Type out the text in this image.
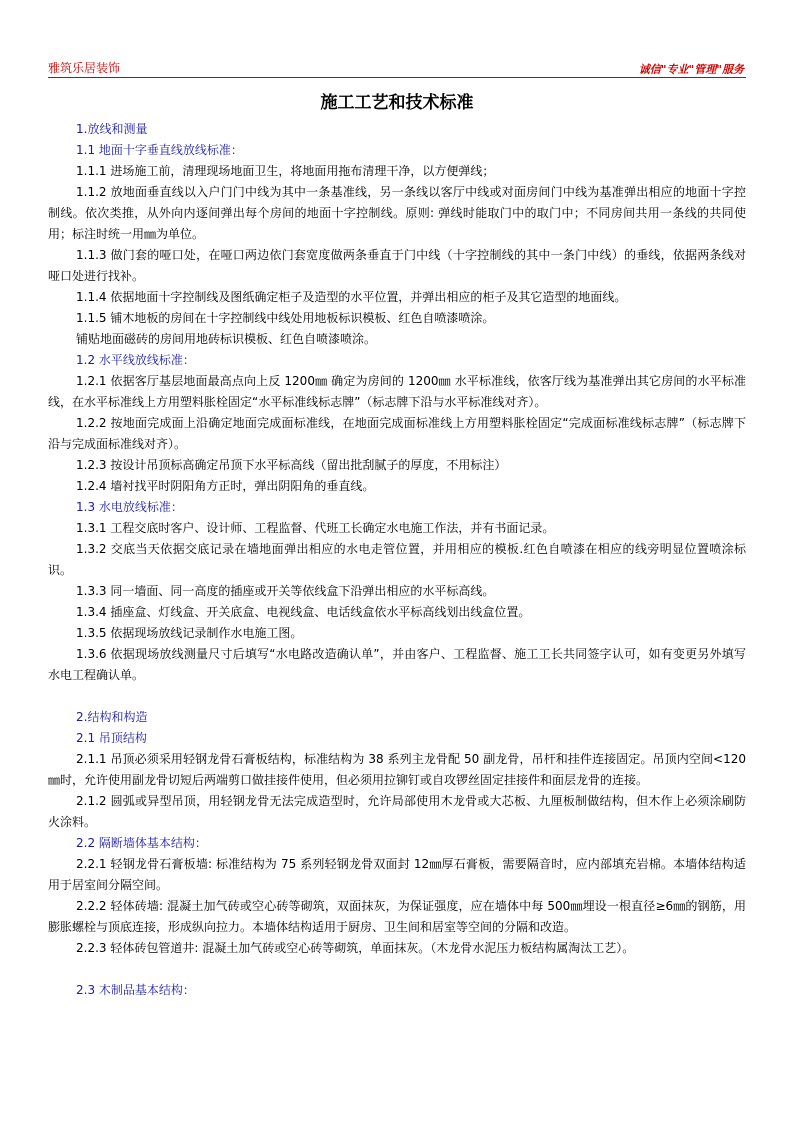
雅筑乐居装饰	诚信"专业"管理"服务
施工工艺和技术标准

1.放线和测量

1.1 地面十字垂直线放线标准：

1.1.1 进场施工前，清理现场地面卫生，将地面用拖布清理干净，以方便弹线；

1.1.2 放地面垂直线以入户门门中线为其中一条基准线，另一条线以客厅中线或对面房间门中线为基准弹出相应的地面十字控制线。依次类推，从外向内逐间弹出每个房间的地面十字控制线。原则: 弹线时能取门中的取门中；不同房间共用一条线的共同使用；标注时统一用㎜为单位。

1.1.3 做门套的哑口处，在哑口两边依门套宽度做两条垂直于门中线（十字控制线的其中一条门中线）的垂线，依据两条线对哑口处进行找补。

1.1.4 依据地面十字控制线及图纸确定柜子及造型的水平位置，并弹出相应的柜子及其它造型的地面线。

1.1.5 铺木地板的房间在十字控制线中线处用地板标识模板、红色自喷漆喷涂。

铺贴地面磁砖的房间用地砖标识模板、红色自喷漆喷涂。

1.2 水平线放线标准：

1.2.1 依据客厅基层地面最高点向上反 1200㎜ 确定为房间的 1200㎜ 水平标准线，依客厅线为基准弹出其它房间的水平标准线，在水平标准线上方用塑料胀栓固定“水平标准线标志牌”（标志牌下沿与水平标准线对齐）。

1.2.2 按地面完成面上沿确定地面完成面标准线，在地面完成面标准线上方用塑料胀栓固定“完成面标准线标志牌”（标志牌下沿与完成面标准线对齐）。

1.2.3 按设计吊顶标高确定吊顶下水平标高线（留出批刮腻子的厚度，不用标注）

1.2.4 墙衬找平时阴阳角方正时，弹出阴阳角的垂直线。

1.3 水电放线标准：

1.3.1 工程交底时客户、设计师、工程监督、代班工长确定水电施工作法，并有书面记录。

1.3.2 交底当天依据交底记录在墙地面弹出相应的水电走管位置，并用相应的模板.红色自喷漆在相应的线旁明显位置喷涂标识。

1.3.3 同一墙面、同一高度的插座或开关等依线盒下沿弹出相应的水平标高线。

1.3.4 插座盒、灯线盒、开关底盒、电视线盒、电话线盒依水平标高线划出线盒位置。

1.3.5 依据现场放线记录制作水电施工图。

1.3.6 依据现场放线测量尺寸后填写“水电路改造确认单”，并由客户、工程监督、施工工长共同签字认可，如有变更另外填写水电工程确认单。

2.结构和构造

2.1 吊顶结构

2.1.1 吊顶必须采用轻钢龙骨石膏板结构，标准结构为 38 系列主龙骨配 50 副龙骨，吊杆和挂件连接固定。吊顶内空间<120㎜时，允许使用副龙骨切短后两端剪口做挂接件使用，但必须用拉铆钉或自攻锣丝固定挂接件和面层龙骨的连接。

2.1.2 圆弧或异型吊顶，用轻钢龙骨无法完成造型时，允许局部使用木龙骨或大芯板、九厘板制做结构，但木作上必须涂刷防火涂料。

2.2 隔断墙体基本结构：

2.2.1 轻钢龙骨石膏板墙: 标准结构为 75 系列轻钢龙骨双面封 12㎜厚石膏板，需要隔音时，应内部填充岩棉。本墙体结构适用于居室间分隔空间。

2.2.2 轻体砖墙: 混凝土加气砖或空心砖等砌筑，双面抹灰，为保证强度，应在墙体中每 500㎜埋设一根直径≥6㎜的钢筋，用膨胀螺栓与顶底连接，形成纵向拉力。本墙体结构适用于厨房、卫生间和居室等空间的分隔和改造。

2.2.3 轻体砖包管道井: 混凝土加气砖或空心砖等砌筑，单面抹灰。（木龙骨水泥压力板结构属淘汰工艺）。

2.3 木制品基本结构：
